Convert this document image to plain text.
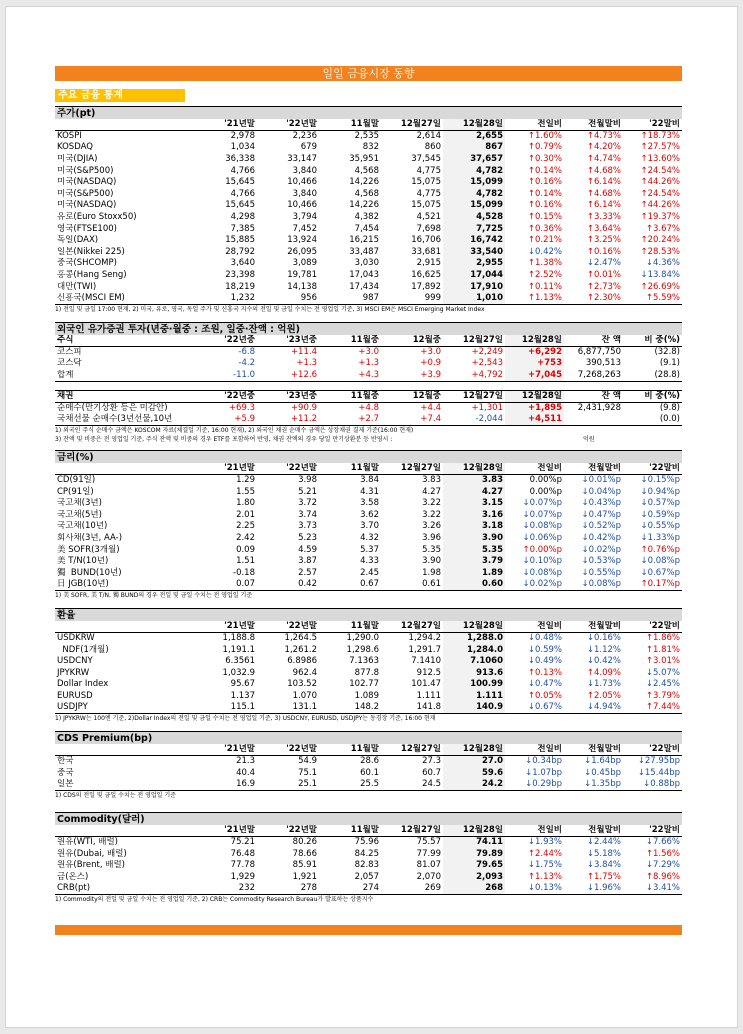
일일 금융시장 동향
주요 금융 통계
주가(pt)
	'21년말	'22년말	11월말	12월27일	12월28일	전일비	전월말비	'22말비
KOSPI	2,978	2,236	2,535	2,614	2,655	↑1.60%	↑4.73%	↑18.73%
KOSDAQ	1,034	679	832	860	867	↑0.79%	↑4.20%	↑27.57%
미국(DJIA)	36,338	33,147	35,951	37,545	37,657	↑0.30%	↑4.74%	↑13.60%
미국(S&P500)	4,766	3,840	4,568	4,775	4,782	↑0.14%	↑4.68%	↑24.54%
미국(NASDAQ)	15,645	10,466	14,226	15,075	15,099	↑0.16%	↑6.14%	↑44.26%
미국(S&P500)	4,766	3,840	4,568	4,775	4,782	↑0.14%	↑4.68%	↑24.54%
미국(NASDAQ)	15,645	10,466	14,226	15,075	15,099	↑0.16%	↑6.14%	↑44.26%
유로(Euro Stoxx50)	4,298	3,794	4,382	4,521	4,528	↑0.15%	↑3.33%	↑19.37%
영국(FTSE100)	7,385	7,452	7,454	7,698	7,725	↑0.36%	↑3.64%	↑3.67%
독일(DAX)	15,885	13,924	16,215	16,706	16,742	↑0.21%	↑3.25%	↑20.24%
일본(Nikkei 225)	28,792	26,095	33,487	33,681	33,540	↓0.42%	↑0.16%	↑28.53%
중국(SHCOMP)	3,640	3,089	3,030	2,915	2,955	↑1.38%	↓2.47%	↓4.36%
홍콩(Hang Seng)	23,398	19,781	17,043	16,625	17,044	↑2.52%	↑0.01%	↓13.84%
대만(TWI)	18,219	14,138	17,434	17,892	17,910	↑0.11%	↑2.73%	↑26.69%
신흥국(MSCI EM)	1,232	956	987	999	1,010	↑1.13%	↑2.30%	↑5.59%
1) 전일 및 금일 17:00 현재, 2) 미국, 유로, 영국, 독일 주가 및 신흥국 지수의 전일 및 금일 수치는 전 영업일 기준, 3) MSCI EM은 MSCI Emerging Market Index
외국인 유가증권 투자(년중·월중 : 조원, 일중·잔액 : 억원)
주식	'22년중	'23년중	11월중	12월중	12월27일	12월28일	잔 액	비 중(%)
코스피	-6.8	+11.4	+3.0	+3.0	+2,249	+6,292	6,877,750	(32.8)
코스닥	-4.2	+1.3	+1.3	+0.9	+2,543	+753	390,513	(9.1)
합계	-11.0	+12.6	+4.3	+3.9	+4,792	+7,045	7,268,263	(28.8)
채권	'22년중	'23년중	11월중	12월중	12월27일	12월28일	잔 액	비 중(%)
순매수(만기상환 등은 미감안)	+69.3	+90.9	+4.8	+4.4	+1,301	+1,895	2,431,928	(9.8)
국채선물 순매수(3년선물,10년	+5.9	+11.2	+2.7	+7.4	-2,044	+4,511		(0.0)
1) 외국인 주식 순매수 금액은 KOSCOM 자료(체결일 기준, 16:00 현재), 2) 외국인 채권 순매수 금액은 상장채권 결제 기준(16:00 현재)
3) 잔액 및 비중은 전 영업일 기준, 주식 잔액 및 비중의 경우 ETF를 포함하여 반영, 채권 잔액의 경우 당일 만기상환분 등 반영시 :	억원
금리(%)
	'21년말	'22년말	11월말	12월27일	12월28일	전일비	전월말비	'22말비
CD(91일)	1.29	3.98	3.84	3.83	3.83	0.00%p	↓0.01%p	↓0.15%p
CP(91일)	1.55	5.21	4.31	4.27	4.27	0.00%p	↓0.04%p	↓0.94%p
국고채(3년)	1.80	3.72	3.58	3.22	3.15	↓0.07%p	↓0.43%p	↓0.57%p
국고채(5년)	2.01	3.74	3.62	3.22	3.16	↓0.07%p	↓0.47%p	↓0.59%p
국고채(10년)	2.25	3.73	3.70	3.26	3.18	↓0.08%p	↓0.52%p	↓0.55%p
회사채(3년, AA-)	2.42	5.23	4.32	3.96	3.90	↓0.06%p	↓0.42%p	↓1.33%p
美 SOFR(3개월)	0.09	4.59	5.37	5.35	5.35	↑0.00%p	↓0.02%p	↑0.76%p
美 T/N(10년)	1.51	3.87	4.33	3.90	3.79	↓0.10%p	↓0.53%p	↓0.08%p
獨  BUND(10년)	-0.18	2.57	2.45	1.98	1.89	↓0.08%p	↓0.55%p	↓0.67%p
日 JGB(10년)	0.07	0.42	0.67	0.61	0.60	↓0.02%p	↓0.08%p	↑0.17%p
1) 美 SOFR, 美 T/N, 獨 BUND의 경우 전일 및 금일 수치는 전 영업일 기준
환율
	'21년말	'22년말	11월말	12월27일	12월28일	전일비	전월말비	'22말비
USDKRW	1,188.8	1,264.5	1,290.0	1,294.2	1,288.0	↓0.48%	↓0.16%	↑1.86%
NDF(1개월)	1,191.1	1,261.2	1,298.6	1,291.7	1,284.0	↓0.59%	↓1.12%	↑1.81%
USDCNY	6.3561	6.8986	7.1363	7.1410	7.1060	↓0.49%	↓0.42%	↑3.01%
JPYKRW	1,032.9	962.4	877.8	912.5	913.6	↑0.13%	↑4.09%	↓5.07%
Dollar Index	95.67	103.52	102.77	101.47	100.99	↓0.47%	↓1.73%	↓2.45%
EURUSD	1.137	1.070	1.089	1.111	1.111	↑0.05%	↑2.05%	↑3.79%
USDJPY	115.1	131.1	148.2	141.8	140.9	↓0.67%	↓4.94%	↑7.44%
1) JPYKRW는 100엔 기준, 2)Dollar Index의 전일 및 금일 수치는 전 영업일 기준, 3) USDCNY, EURUSD, USDJPY는 동경장 기준, 16:00 현재
CDS Premium(bp)
	'21년말	'22년말	11월말	12월27일	12월28일	전일비	전월말비	'22말비
한국	21.3	54.9	28.6	27.3	27.0	↓0.34bp	↓1.64bp	↓27.95bp
중국	40.4	75.1	60.1	60.7	59.6	↓1.07bp	↓0.45bp	↓15.44bp
일본	16.9	25.1	25.5	24.5	24.2	↓0.29bp	↓1.35bp	↓0.88bp
1) CDS의 전일 및 금일 수치는 전 영업일 기준
Commodity(달러)
	'21년말	'22년말	11월말	12월27일	12월28일	전일비	전월말비	'22말비
원유(WTI, 배럴)	75.21	80.26	75.96	75.57	74.11	↓1.93%	↓2.44%	↓7.66%
원유(Dubai, 배럴)	76.48	78.66	84.25	77.99	79.89	↑2.44%	↓5.18%	↑1.56%
원유(Brent, 배럴)	77.78	85.91	82.83	81.07	79.65	↓1.75%	↓3.84%	↓7.29%
금(온스)	1,929	1,921	2,057	2,070	2,093	↑1.13%	↑1.75%	↑8.96%
CRB(pt)	232	278	274	269	268	↓0.13%	↓1.96%	↓3.41%
1) Commodity의 전일 및 금일 수치는 전 영업일 기준, 2) CRB는 Commodity Research Bureau가 발표하는 상품지수
